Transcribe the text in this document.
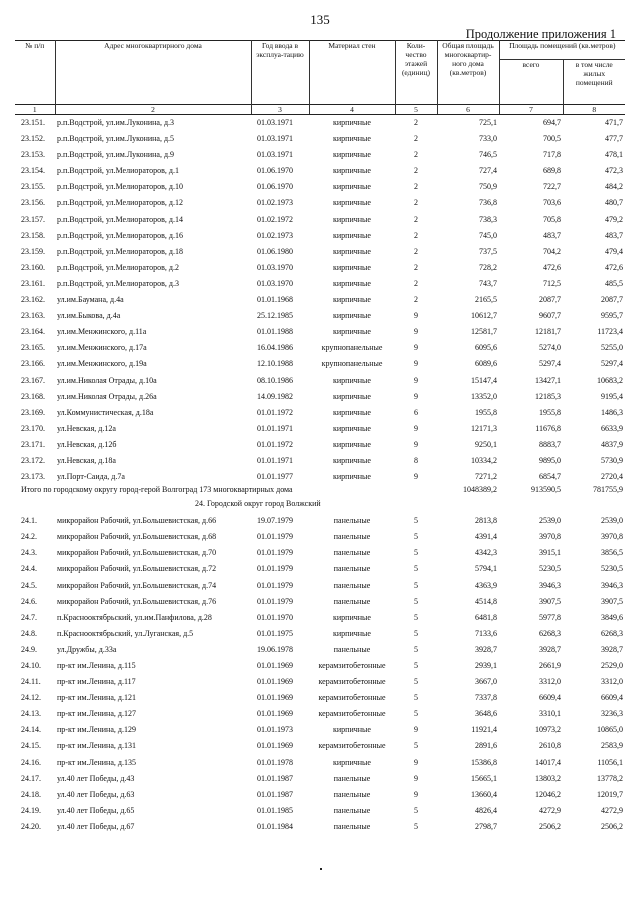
135
Продолжение приложения 1
№ п/п	Адрес многоквартирного дома	Год ввода в эксплуа-тацию	Материал стен	Коли-чество этажей (единиц)	Общая площадь многоквартир-ного дома (кв.метров)	Площадь помещений (кв.метров)	
						всего	в том числе жилых помещений
1	2	3	4	5	6	7	8
23.151.	р.п.Водстрой, ул.им.Луконина, д.3	01.03.1971	кирпичные	2	725,1	694,7	471,7
23.152.	р.п.Водстрой, ул.им.Луконина, д.5	01.03.1971	кирпичные	2	733,0	700,5	477,7
23.153.	р.п.Водстрой, ул.им.Луконина, д.9	01.03.1971	кирпичные	2	746,5	717,8	478,1
23.154.	р.п.Водстрой, ул.Мелиораторов, д.1	01.06.1970	кирпичные	2	727,4	689,8	472,3
23.155.	р.п.Водстрой, ул.Мелиораторов, д.10	01.06.1970	кирпичные	2	750,9	722,7	484,2
23.156.	р.п.Водстрой, ул.Мелиораторов, д.12	01.02.1973	кирпичные	2	736,8	703,6	480,7
23.157.	р.п.Водстрой, ул.Мелиораторов, д.14	01.02.1972	кирпичные	2	738,3	705,8	479,2
23.158.	р.п.Водстрой, ул.Мелиораторов, д.16	01.02.1973	кирпичные	2	745,0	483,7	483,7
23.159.	р.п.Водстрой, ул.Мелиораторов, д.18	01.06.1980	кирпичные	2	737,5	704,2	479,4
23.160.	р.п.Водстрой, ул.Мелиораторов, д.2	01.03.1970	кирпичные	2	728,2	472,6	472,6
23.161.	р.п.Водстрой, ул.Мелиораторов, д.3	01.03.1970	кирпичные	2	743,7	712,5	485,5
23.162.	ул.им.Баумана, д.4а	01.01.1968	кирпичные	2	2165,5	2087,7	2087,7
23.163.	ул.им.Быкова, д.4а	25.12.1985	кирпичные	9	10612,7	9607,7	9595,7
23.164.	ул.им.Менжинского, д.11а	01.01.1988	кирпичные	9	12581,7	12181,7	11723,4
23.165.	ул.им.Менжинского, д.17а	16.04.1986	крупнопанельные	9	6095,6	5274,0	5255,0
23.166.	ул.им.Менжинского, д.19а	12.10.1988	крупнопанельные	9	6089,6	5297,4	5297,4
23.167.	ул.им.Николая Отрады, д.10а	08.10.1986	кирпичные	9	15147,4	13427,1	10683,2
23.168.	ул.им.Николая Отрады, д.26а	14.09.1982	кирпичные	9	13352,0	12185,3	9195,4
23.169.	ул.Коммунистическая, д.18а	01.01.1972	кирпичные	6	1955,8	1955,8	1486,3
23.170.	ул.Невская, д.12а	01.01.1971	кирпичные	9	12171,3	11676,8	6633,9
23.171.	ул.Невская, д.12б	01.01.1972	кирпичные	9	9250,1	8883,7	4837,9
23.172.	ул.Невская, д.18а	01.01.1971	кирпичные	8	10334,2	9895,0	5730,9
23.173.	ул.Порт-Саида, д.7а	01.01.1977	кирпичные	9	7271,2	6854,7	2720,4
Итого по городскому округу город-герой Волгоград 173 многоквартирных дома					1048389,2	913590,5	781755,9
24. Городской округ город Волжский							
24.1.	микрорайон Рабочий, ул.Большевистская, д.66	19.07.1979	панельные	5	2813,8	2539,0	2539,0
24.2.	микрорайон Рабочий, ул.Большевистская, д.68	01.01.1979	панельные	5	4391,4	3970,8	3970,8
24.3.	микрорайон Рабочий, ул.Большевистская, д.70	01.01.1979	панельные	5	4342,3	3915,1	3856,5
24.4.	микрорайон Рабочий, ул.Большевистская, д.72	01.01.1979	панельные	5	5794,1	5230,5	5230,5
24.5.	микрорайон Рабочий, ул.Большевистская, д.74	01.01.1979	панельные	5	4363,9	3946,3	3946,3
24.6.	микрорайон Рабочий, ул.Большевистская, д.76	01.01.1979	панельные	5	4514,8	3907,5	3907,5
24.7.	п.Краснооктябрьский, ул.им.Панфилова, д.28	01.01.1970	кирпичные	5	6481,8	5977,8	3849,6
24.8.	п.Краснооктябрьский, ул.Луганская, д.5	01.01.1975	кирпичные	5	7133,6	6268,3	6268,3
24.9.	ул.Дружбы, д.33а	19.06.1978	панельные	5	3928,7	3928,7	3928,7
24.10.	пр-кт им.Ленина, д.115	01.01.1969	керамзитобетонные	5	2939,1	2661,9	2529,0
24.11.	пр-кт им.Ленина, д.117	01.01.1969	керамзитобетонные	5	3667,0	3312,0	3312,0
24.12.	пр-кт им.Ленина, д.121	01.01.1969	керамзитобетонные	5	7337,8	6609,4	6609,4
24.13.	пр-кт им.Ленина, д.127	01.01.1969	керамзитобетонные	5	3648,6	3310,1	3236,3
24.14.	пр-кт им.Ленина, д.129	01.01.1973	кирпичные	9	11921,4	10973,2	10865,0
24.15.	пр-кт им.Ленина, д.131	01.01.1969	керамзитобетонные	5	2891,6	2610,8	2583,9
24.16.	пр-кт им.Ленина, д.135	01.01.1978	кирпичные	9	15386,8	14017,4	11056,1
24.17.	ул.40 лет Победы, д.43	01.01.1987	панельные	9	15665,1	13803,2	13778,2
24.18.	ул.40 лет Победы, д.63	01.01.1987	панельные	9	13660,4	12046,2	12019,7
24.19.	ул.40 лет Победы, д.65	01.01.1985	панельные	5	4826,4	4272,9	4272,9
24.20.	ул.40 лет Победы, д.67	01.01.1984	панельные	5	2798,7	2506,2	2506,2
